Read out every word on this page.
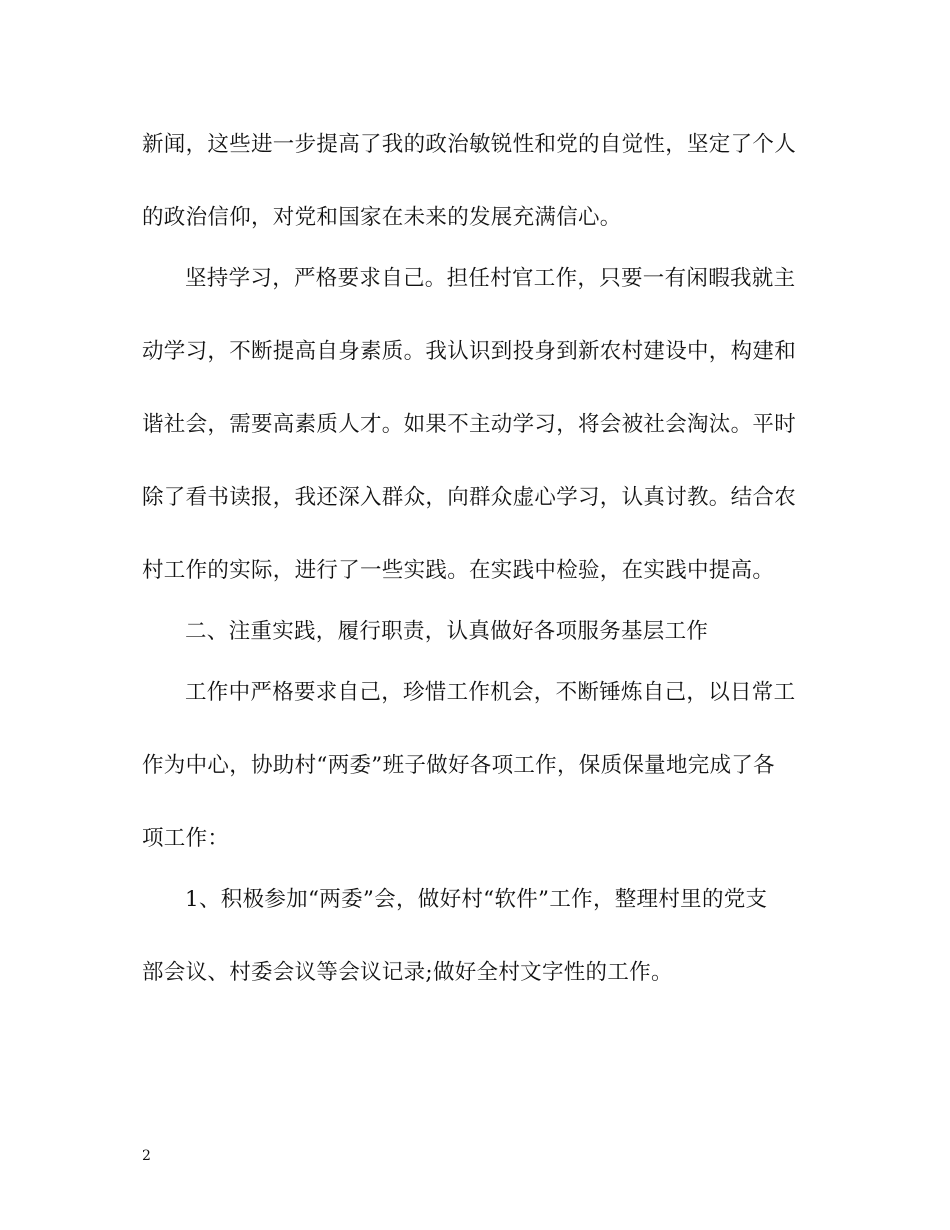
新闻，这些进一步提高了我的政治敏锐性和党的自觉性，坚定了个人
的政治信仰，对党和国家在未来的发展充满信心。
坚持学习，严格要求自己。担任村官工作，只要一有闲暇我就主
动学习，不断提高自身素质。我认识到投身到新农村建设中，构建和
谐社会，需要高素质人才。如果不主动学习，将会被社会淘汰。平时
除了看书读报，我还深入群众，向群众虚心学习，认真讨教。结合农
村工作的实际，进行了一些实践。在实践中检验，在实践中提高。
二、注重实践，履行职责，认真做好各项服务基层工作
工作中严格要求自己，珍惜工作机会，不断锤炼自己，以日常工
作为中心，协助村“两委”班子做好各项工作，保质保量地完成了各
项工作：
1、积极参加“两委”会，做好村“软件”工作，整理村里的党支
部会议、村委会议等会议记录;做好全村文字性的工作。
2
